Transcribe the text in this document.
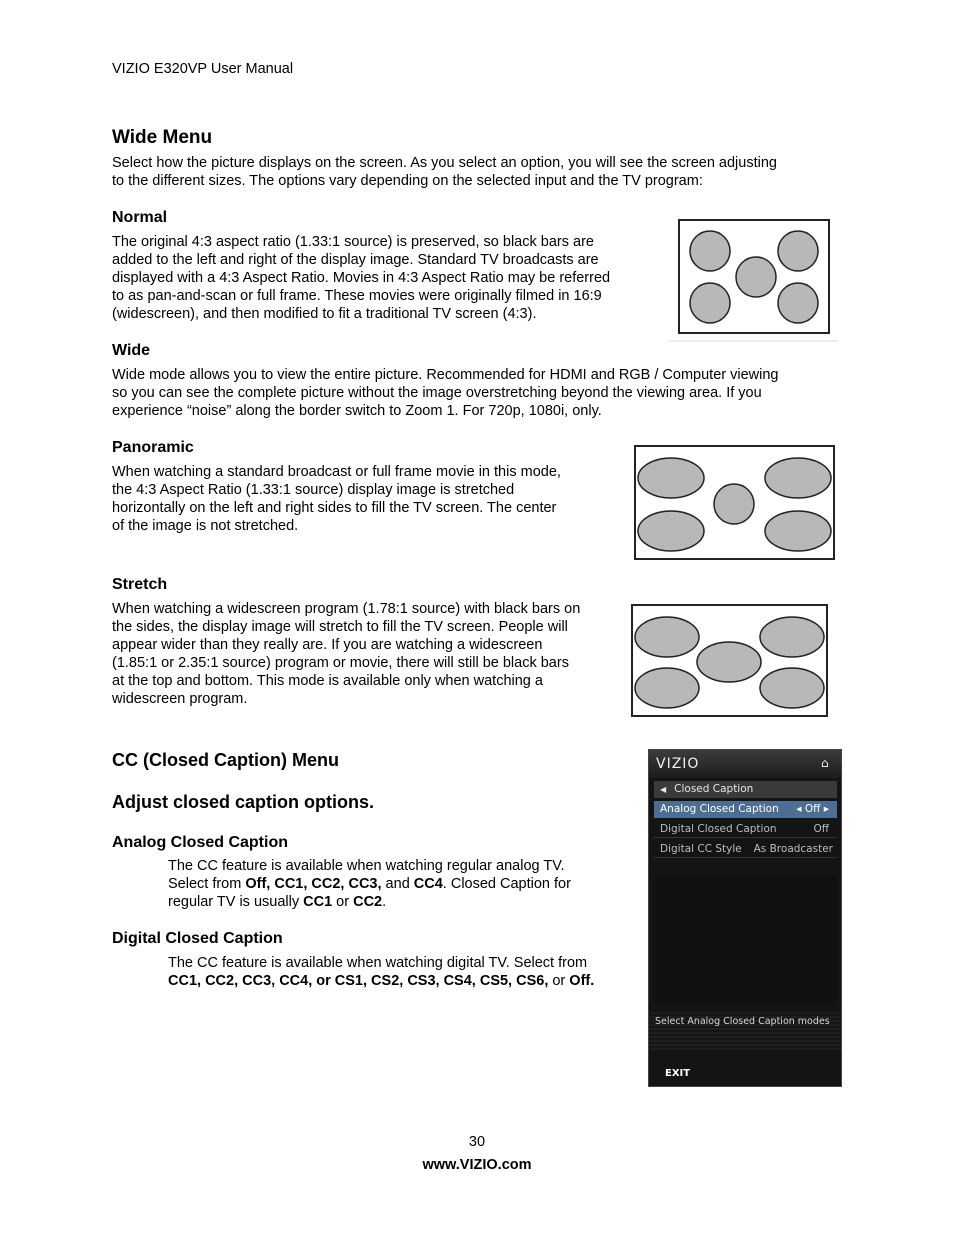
VIZIO E320VP User Manual
Wide Menu
Select how the picture displays on the screen. As you select an option, you will see the screen adjusting
to the different sizes. The options vary depending on the selected input and the TV program:
Normal
The original 4:3 aspect ratio (1.33:1 source) is preserved, so black bars are
added to the left and right of the display image. Standard TV broadcasts are
displayed with a 4:3 Aspect Ratio. Movies in 4:3 Aspect Ratio may be referred
to as pan-and-scan or full frame. These movies were originally filmed in 16:9
(widescreen), and then modified to fit a traditional TV screen (4:3).
Wide
Wide mode allows you to view the entire picture. Recommended for HDMI and RGB / Computer viewing
so you can see the complete picture without the image overstretching beyond the viewing area. If you
experience “noise” along the border switch to Zoom 1. For 720p, 1080i, only.
Panoramic
When watching a standard broadcast or full frame movie in this mode,
the 4:3 Aspect Ratio (1.33:1 source) display image is stretched
horizontally on the left and right sides to fill the TV screen. The center
of the image is not stretched.
Stretch
When watching a widescreen program (1.78:1 source) with black bars on
the sides, the display image will stretch to fill the TV screen. People will
appear wider than they really are. If you are watching a widescreen
(1.85:1 or 2.35:1 source) program or movie, there will still be black bars
at the top and bottom. This mode is available only when watching a
widescreen program.
CC (Closed Caption) Menu
Adjust closed caption options.
Analog Closed Caption
The CC feature is available when watching regular analog TV.
Select from Off, CC1, CC2, CC3, and CC4. Closed Caption for
regular TV is usually CC1 or CC2.
Digital Closed Caption
The CC feature is available when watching digital TV. Select from
CC1, CC2, CC3, CC4, or CS1, CS2, CS3, CS4, CS5, CS6, or Off.
VIZIO	⌂
◀ Closed Caption
Analog Closed Caption ◂ Off ▸
Digital Closed Caption	Off
Digital CC Style As Broadcaster
Select Analog Closed Caption modes
EXIT
30
www.VIZIO.com
